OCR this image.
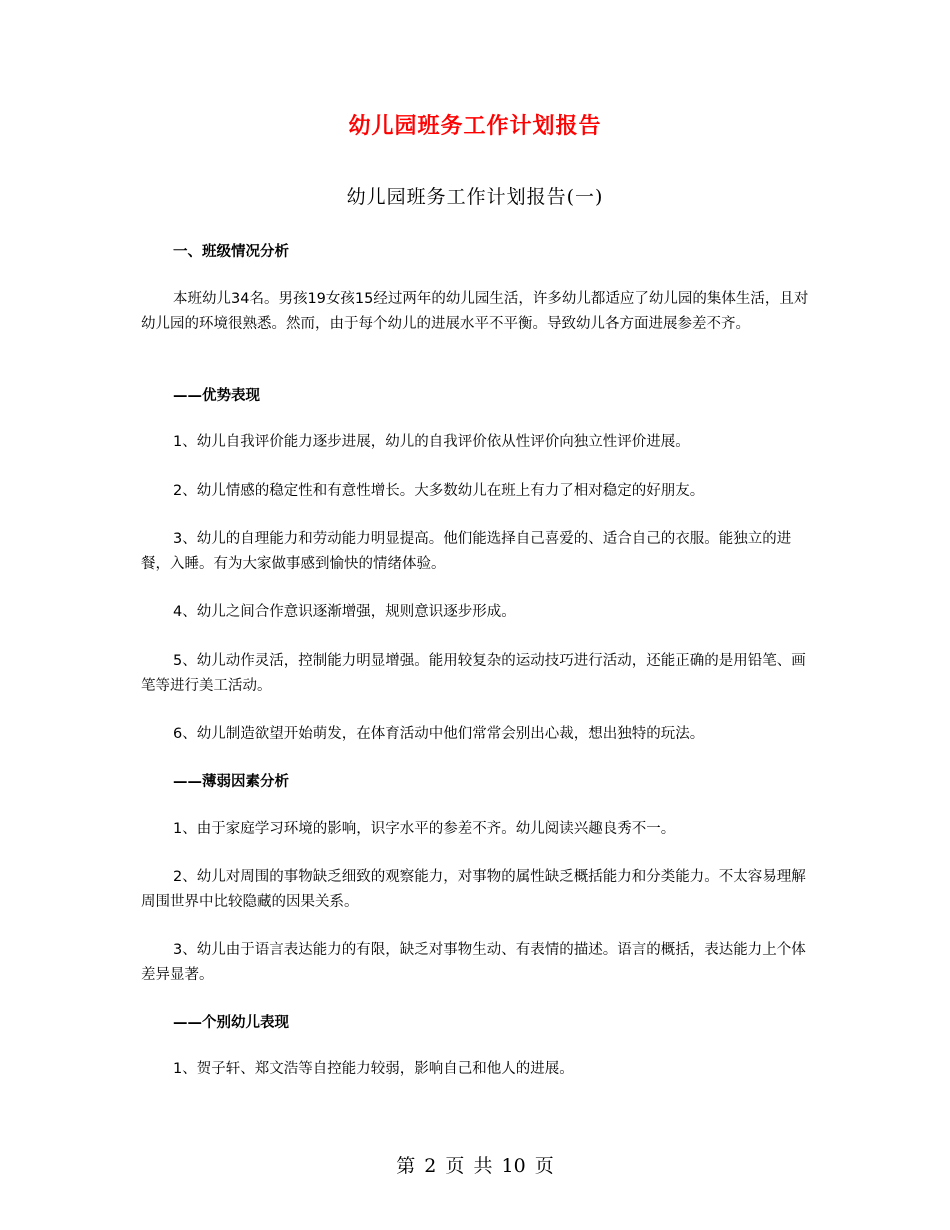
幼儿园班务工作计划报告
幼儿园班务工作计划报告(一)
一、班级情况分析
本班幼儿34名。男孩19女孩15经过两年的幼儿园生活，许多幼儿都适应了幼儿园的集体生活，且对幼儿园的环境很熟悉。然而，由于每个幼儿的进展水平不平衡。导致幼儿各方面进展参差不齐。
——优势表现
1、幼儿自我评价能力逐步进展，幼儿的自我评价依从性评价向独立性评价进展。
2、幼儿情感的稳定性和有意性增长。大多数幼儿在班上有力了相对稳定的好朋友。
3、幼儿的自理能力和劳动能力明显提高。他们能选择自己喜爱的、适合自己的衣服。能独立的进餐，入睡。有为大家做事感到愉快的情绪体验。
4、幼儿之间合作意识逐渐增强，规则意识逐步形成。
5、幼儿动作灵活，控制能力明显增强。能用较复杂的运动技巧进行活动，还能正确的是用铅笔、画笔等进行美工活动。
6、幼儿制造欲望开始萌发，在体育活动中他们常常会别出心裁，想出独特的玩法。
——薄弱因素分析
1、由于家庭学习环境的影响，识字水平的参差不齐。幼儿阅读兴趣良秀不一。
2、幼儿对周围的事物缺乏细致的观察能力，对事物的属性缺乏概括能力和分类能力。不太容易理解周围世界中比较隐藏的因果关系。
3、幼儿由于语言表达能力的有限，缺乏对事物生动、有表情的描述。语言的概括，表达能力上个体差异显著。
——个别幼儿表现
1、贺子轩、郑文浩等自控能力较弱，影响自己和他人的进展。
第 2 页 共 10 页
